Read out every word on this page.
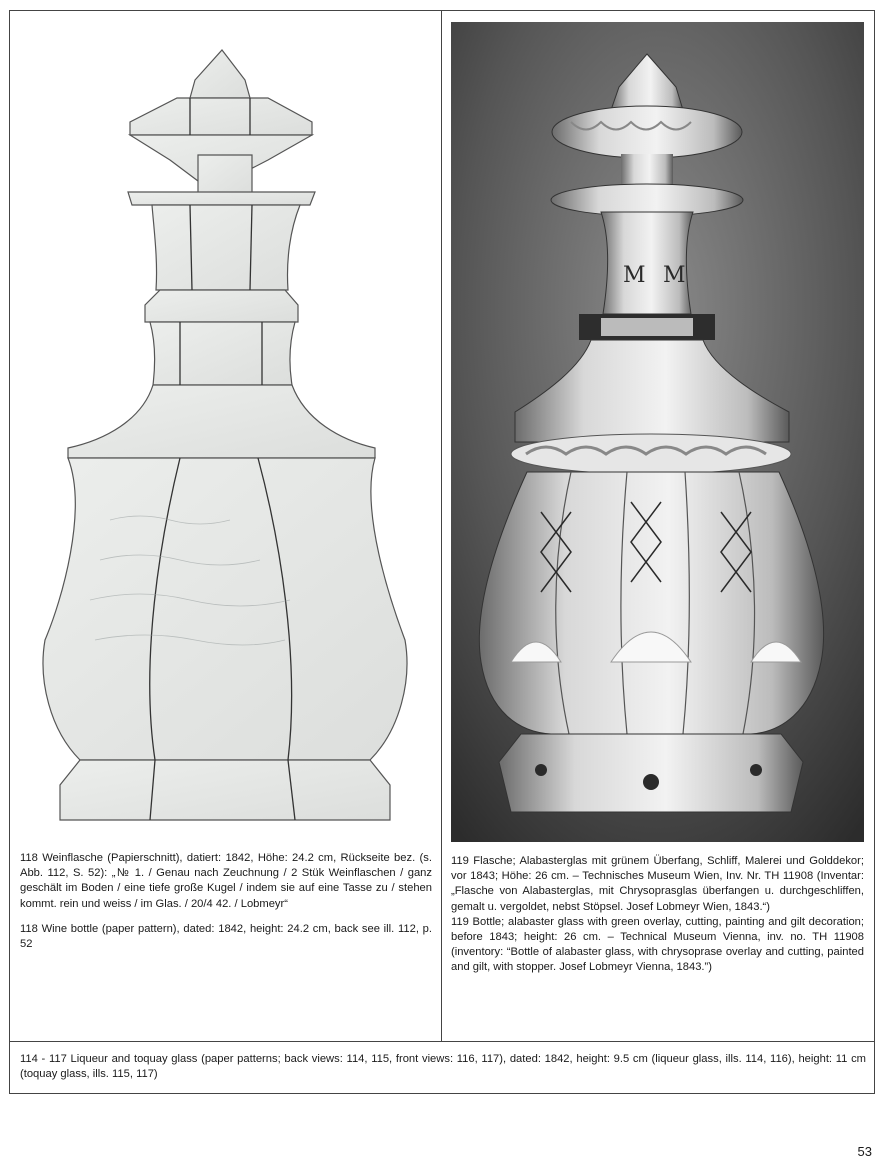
M M

118 Weinflasche (Papierschnitt), datiert: 1842, Höhe: 24.2 cm, Rückseite bez. (s. Abb. 112, S. 52): „№ 1. / Genau nach Zeuchnung / 2 Stük Weinflaschen / ganz geschält im Boden / eine tiefe große Kugel / indem sie auf eine Tasse zu / stehen kommt. rein und weiss / im Glas. / 20/4 42. / Lobmeyr“

118 Wine bottle (paper pattern), dated: 1842, height: 24.2 cm, back see ill. 112, p. 52

119 Flasche; Alabasterglas mit grünem Überfang, Schliff, Malerei und Golddekor; vor 1843; Höhe: 26 cm. – Technisches Museum Wien, Inv. Nr. TH 11908 (Inventar: „Flasche von Alabasterglas, mit Chrysoprasglas überfangen u. durchgeschliffen, gemalt u. vergoldet, nebst Stöpsel. Josef Lobmeyr Wien, 1843.“)

119 Bottle; alabaster glass with green overlay, cutting, painting and gilt decoration; before 1843; height: 26 cm. – Technical Museum Vienna, inv. no. TH 11908 (inventory: “Bottle of alabaster glass, with chrysoprase overlay and cutting, painted and gilt, with stopper. Josef Lobmeyr Vienna, 1843.”)

114 - 117 Liqueur and toquay glass (paper patterns; back views: 114, 115, front views: 116, 117), dated: 1842, height: 9.5 cm (liqueur glass, ills. 114, 116), height: 11 cm (toquay glass, ills. 115, 117)

53
